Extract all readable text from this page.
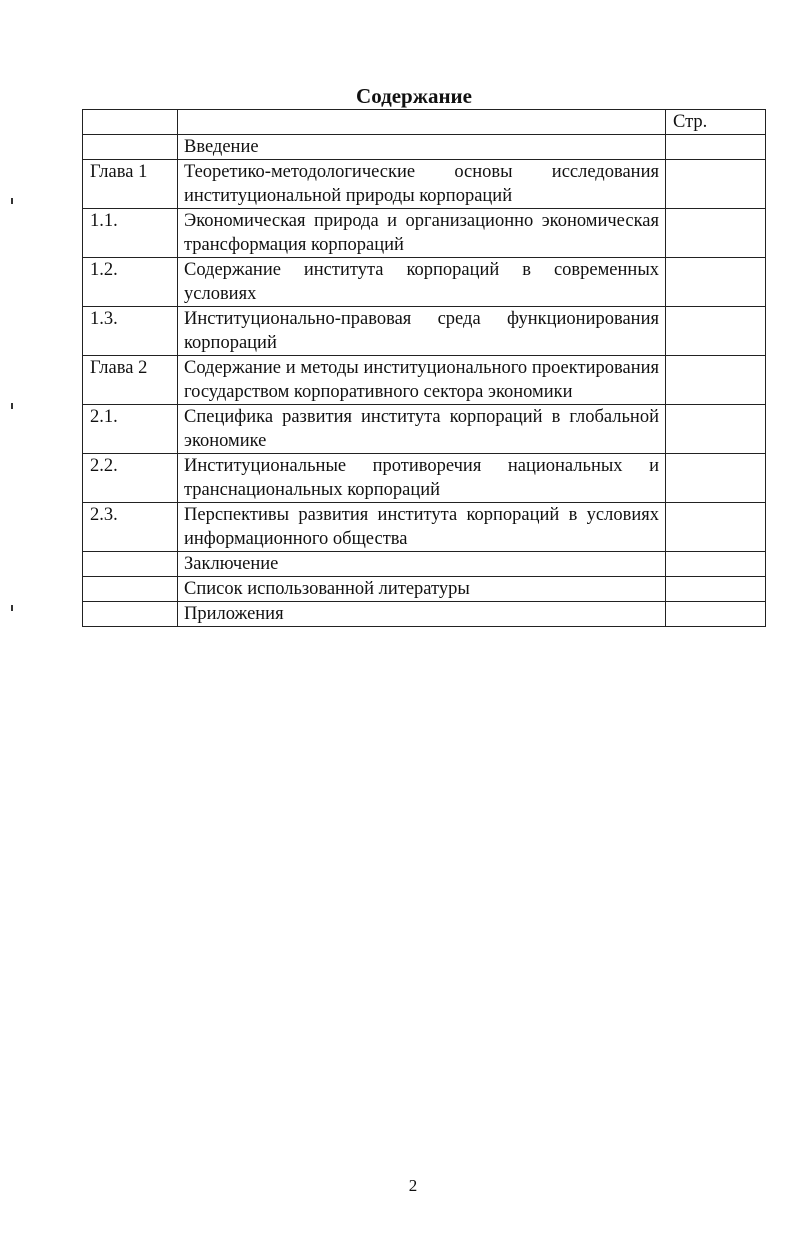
Содержание
		Стр.
	Введение	
Глава 1	Теоретико-методологические основы исследования институциональной природы корпораций	
1.1.	Экономическая природа и организационно экономическая трансформация корпораций	
1.2.	Содержание института корпораций в современных условиях	
1.3.	Институционально-правовая среда функционирования корпораций	
Глава 2	Содержание и методы институционального проектирования государством корпоративного сектора экономики	
2.1.	Специфика развития института корпораций в глобальной экономике	
2.2.	Институциональные противоречия национальных и транснациональных корпораций	
2.3.	Перспективы развития института корпораций в условиях информационного общества	
	Заключение	
	Список использованной литературы	
	Приложения	
2
